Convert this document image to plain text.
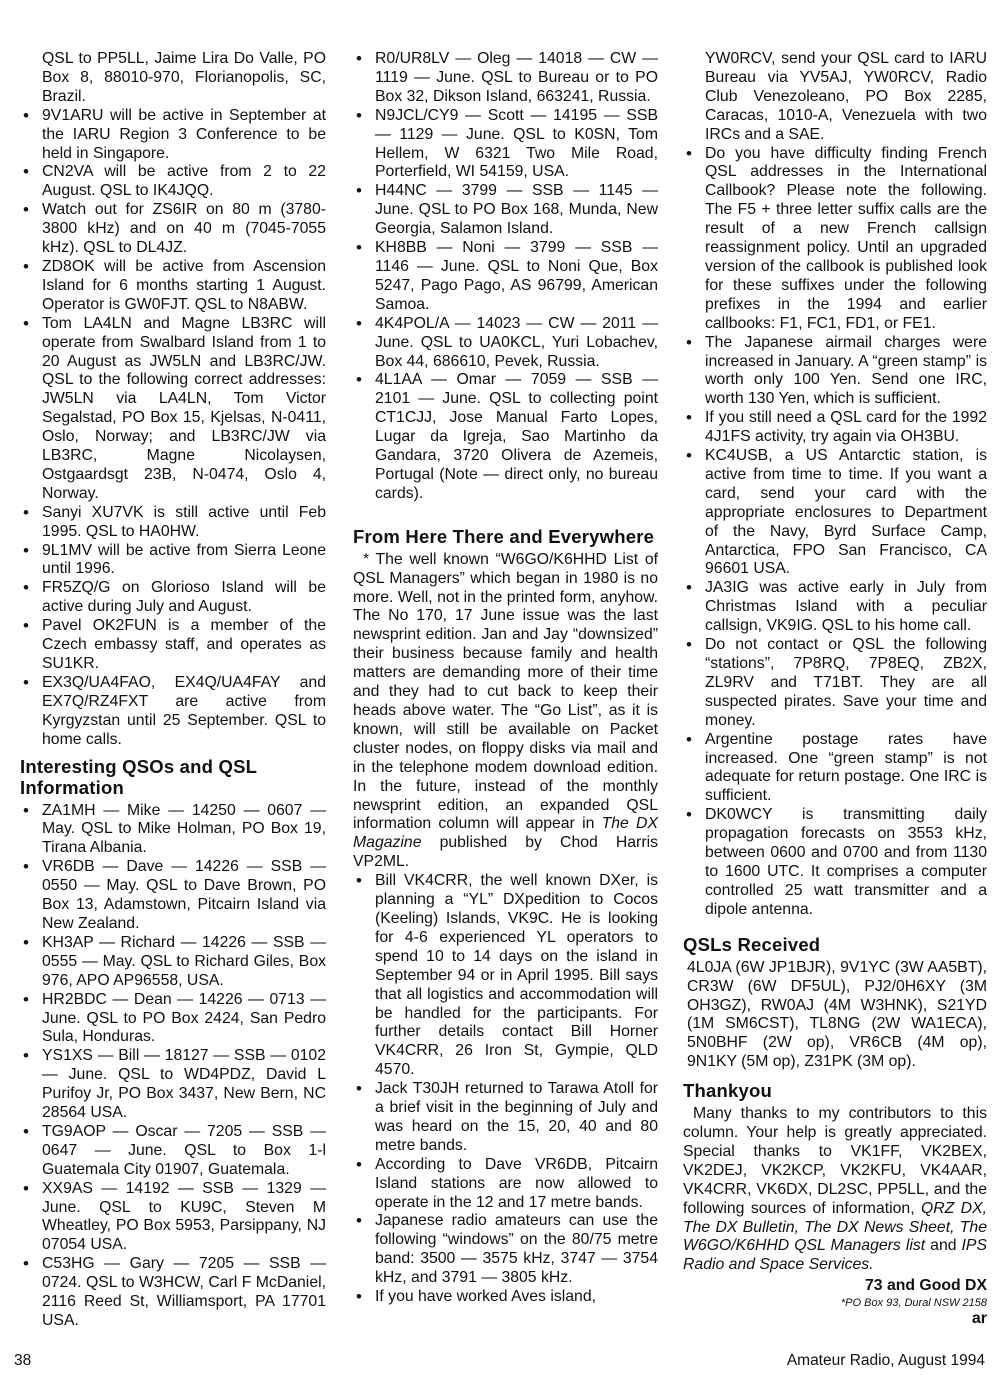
QSL to PP5LL, Jaime Lira Do Valle, PO Box 8, 88010-970, Florianopolis, SC, Brazil.

• 9V1ARU will be active in September at the IARU Region 3 Conference to be held in Singapore.
• CN2VA will be active from 2 to 22 August. QSL to IK4JQQ.
• Watch out for ZS6IR on 80 m (3780-3800 kHz) and on 40 m (7045-7055 kHz). QSL to DL4JZ.
• ZD8OK will be active from Ascension Island for 6 months starting 1 August. Operator is GW0FJT. QSL to N8ABW.
• Tom LA4LN and Magne LB3RC will operate from Swalbard Island from 1 to 20 August as JW5LN and LB3RC/JW. QSL to the following correct addresses: JW5LN via LA4LN, Tom Victor Segalstad, PO Box 15, Kjelsas, N-0411, Oslo, Norway; and LB3RC/JW via LB3RC, Magne Nicolaysen, Ostgaardsgt 23B, N-0474, Oslo 4, Norway.
• Sanyi XU7VK is still active until Feb 1995. QSL to HA0HW.
• 9L1MV will be active from Sierra Leone until 1996.
• FR5ZQ/G on Glorioso Island will be active during July and August.
• Pavel OK2FUN is a member of the Czech embassy staff, and operates as SU1KR.
• EX3Q/UA4FAO, EX4Q/UA4FAY and EX7Q/RZ4FXT are active from Kyrgyzstan until 25 September. QSL to home calls.
Interesting QSOs and QSL Information
• ZA1MH — Mike — 14250 — 0607 — May. QSL to Mike Holman, PO Box 19, Tirana Albania.
• VR6DB — Dave — 14226 — SSB — 0550 — May. QSL to Dave Brown, PO Box 13, Adamstown, Pitcairn Island via New Zealand.
• KH3AP — Richard — 14226 — SSB — 0555 — May. QSL to Richard Giles, Box 976, APO AP96558, USA.
• HR2BDC — Dean — 14226 — 0713 — June. QSL to PO Box 2424, San Pedro Sula, Honduras.
• YS1XS — Bill — 18127 — SSB — 0102 — June. QSL to WD4PDZ, David L Purifoy Jr, PO Box 3437, New Bern, NC 28564 USA.
• TG9AOP — Oscar — 7205 — SSB — 0647 — June. QSL to Box 1-l Guatemala City 01907, Guatemala.
• XX9AS — 14192 — SSB — 1329 — June. QSL to KU9C, Steven M Wheatley, PO Box 5953, Parsippany, NJ 07054 USA.
• C53HG — Gary — 7205 — SSB — 0724. QSL to W3HCW, Carl F McDaniel, 2116 Reed St, Williamsport, PA 17701 USA.
• R0/UR8LV — Oleg — 14018 — CW — 1119 — June. QSL to Bureau or to PO Box 32, Dikson Island, 663241, Russia.
• N9JCL/CY9 — Scott — 14195 — SSB — 1129 — June. QSL to K0SN, Tom Hellem, W 6321 Two Mile Road, Porterfield, WI 54159, USA.
• H44NC — 3799 — SSB — 1145 — June. QSL to PO Box 168, Munda, New Georgia, Salamon Island.
• KH8BB — Noni — 3799 — SSB — 1146 — June. QSL to Noni Que, Box 5247, Pago Pago, AS 96799, American Samoa.
• 4K4POL/A — 14023 — CW — 2011 — June. QSL to UA0KCL, Yuri Lobachev, Box 44, 686610, Pevek, Russia.
• 4L1AA — Omar — 7059 — SSB — 2101 — June. QSL to collecting point CT1CJJ, Jose Manual Farto Lopes, Lugar da Igreja, Sao Martinho da Gandara, 3720 Olivera de Azemeis, Portugal (Note — direct only, no bureau cards).
From Here There and Everywhere

* The well known “W6GO/K6HHD List of QSL Managers” which began in 1980 is no more. Well, not in the printed form, anyhow. The No 170, 17 June issue was the last newsprint edition. Jan and Jay “downsized” their business because family and health matters are demanding more of their time and they had to cut back to keep their heads above water. The “Go List”, as it is known, will still be available on Packet cluster nodes, on floppy disks via mail and in the telephone modem download edition. In the future, instead of the monthly newsprint edition, an expanded QSL information column will appear in The DX Magazine published by Chod Harris VP2ML.

• Bill VK4CRR, the well known DXer, is planning a “YL” DXpedition to Cocos (Keeling) Islands, VK9C. He is looking for 4-6 experienced YL operators to spend 10 to 14 days on the island in September 94 or in April 1995. Bill says that all logistics and accommodation will be handled for the participants. For further details contact Bill Horner VK4CRR, 26 Iron St, Gympie, QLD 4570.
• Jack T30JH returned to Tarawa Atoll for a brief visit in the beginning of July and was heard on the 15, 20, 40 and 80 metre bands.
• According to Dave VR6DB, Pitcairn Island stations are now allowed to operate in the 12 and 17 metre bands.
• Japanese radio amateurs can use the following “windows” on the 80/75 metre band: 3500 — 3575 kHz, 3747 — 3754 kHz, and 3791 — 3805 kHz.
• If you have worked Aves island,

YW0RCV, send your QSL card to IARU Bureau via YV5AJ, YW0RCV, Radio Club Venezoleano, PO Box 2285, Caracas, 1010-A, Venezuela with two IRCs and a SAE.

• Do you have difficulty finding French QSL addresses in the International Callbook? Please note the following. The F5 + three letter suffix calls are the result of a new French callsign reassignment policy. Until an upgraded version of the callbook is published look for these suffixes under the following prefixes in the 1994 and earlier callbooks: F1, FC1, FD1, or FE1.
• The Japanese airmail charges were increased in January. A “green stamp” is worth only 100 Yen. Send one IRC, worth 130 Yen, which is sufficient.
• If you still need a QSL card for the 1992 4J1FS activity, try again via OH3BU.
• KC4USB, a US Antarctic station, is active from time to time. If you want a card, send your card with the appropriate enclosures to Department of the Navy, Byrd Surface Camp, Antarctica, FPO San Francisco, CA 96601 USA.
• JA3IG was active early in July from Christmas Island with a peculiar callsign, VK9IG. QSL to his home call.
• Do not contact or QSL the following “stations”, 7P8RQ, 7P8EQ, ZB2X, ZL9RV and T71BT. They are all suspected pirates. Save your time and money.
• Argentine postage rates have increased. One “green stamp” is not adequate for return postage. One IRC is sufficient.
• DK0WCY is transmitting daily propagation forecasts on 3553 kHz, between 0600 and 0700 and from 1130 to 1600 UTC. It comprises a computer controlled 25 watt transmitter and a dipole antenna.
QSLs Received

4L0JA (6W JP1BJR), 9V1YC (3W AA5BT), CR3W (6W DF5UL), PJ2/0H6XY (3M OH3GZ), RW0AJ (4M W3HNK), S21YD (1M SM6CST), TL8NG (2W WA1ECA), 5N0BHF (2W op), VR6CB (4M op), 9N1KY (5M op), Z31PK (3M op).

Thankyou

Many thanks to my contributors to this column. Your help is greatly appreciated. Special thanks to VK1FF, VK2BEX, VK2DEJ, VK2KCP, VK2KFU, VK4AAR, VK4CRR, VK6DX, DL2SC, PP5LL, and the following sources of information, QRZ DX, The DX Bulletin, The DX News Sheet, The W6GO/K6HHD QSL Managers list and IPS Radio and Space Services.

73 and Good DX

*PO Box 93, Dural NSW 2158

ar

38	Amateur Radio, August 1994
